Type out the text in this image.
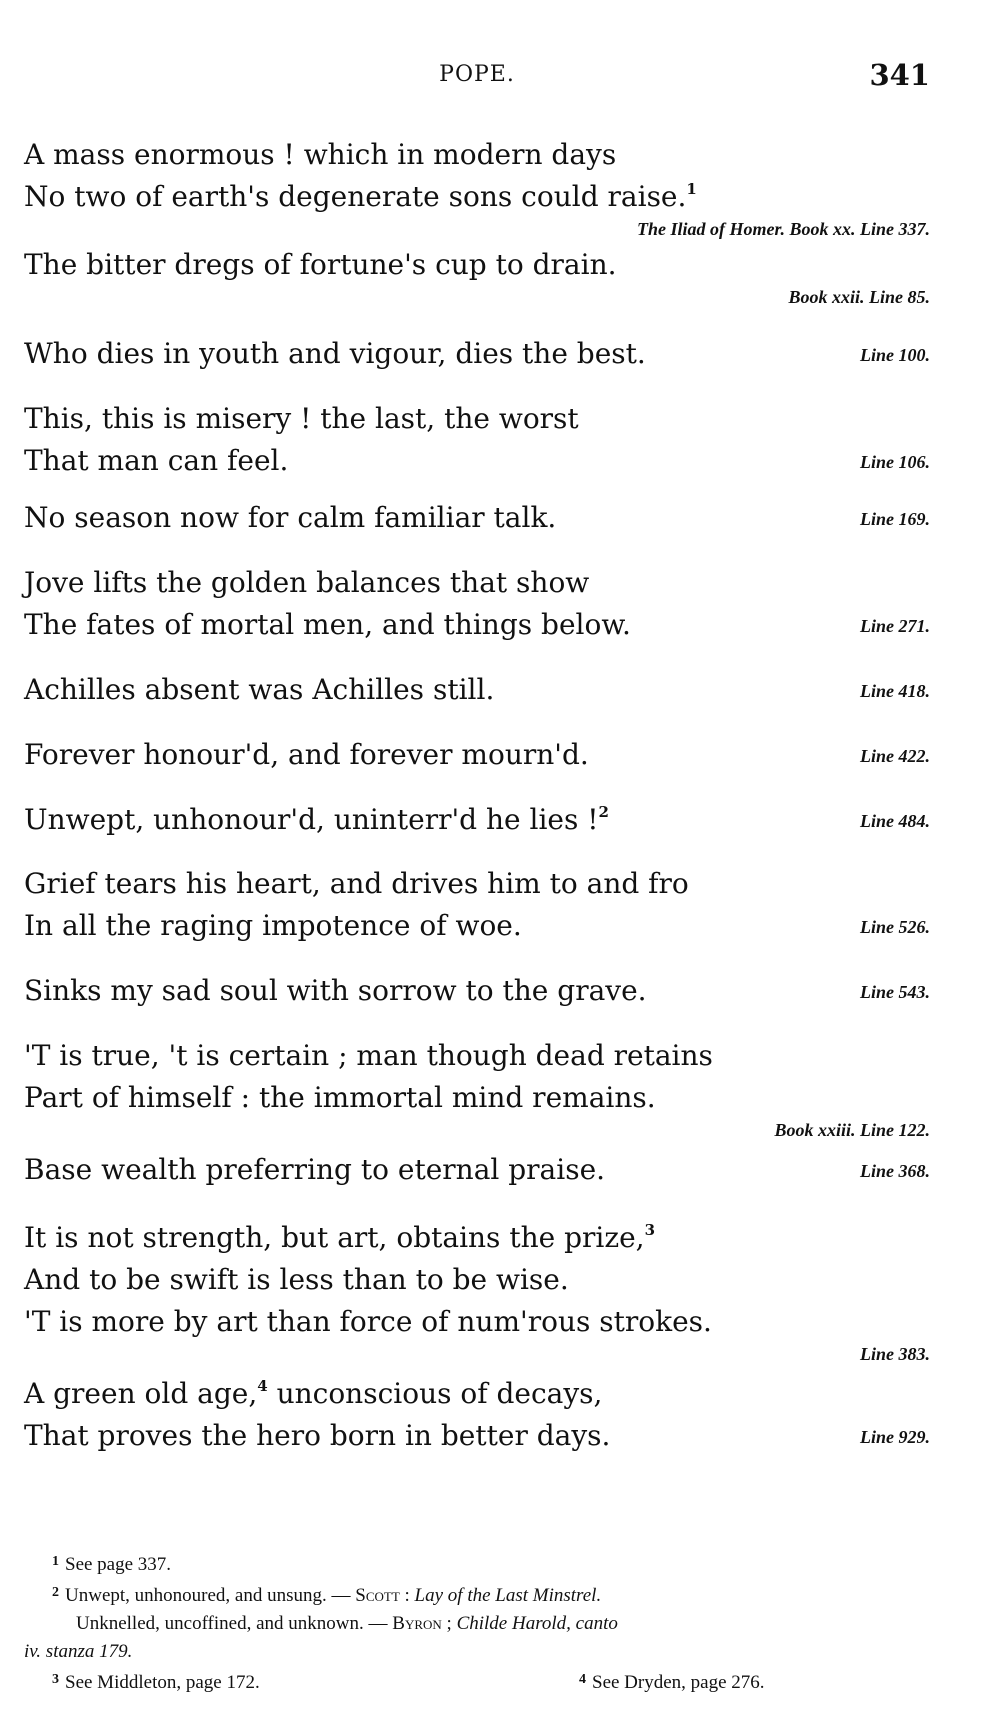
POPE.	341
A mass enormous ! which in modern days
No two of earth's degenerate sons could raise.$^1$
The Iliad of Homer. Book xx. Line 337.
The bitter dregs of fortune's cup to drain.
Book xxii. Line 85.
Who dies in youth and vigour, dies the best.	Line 100.
This, this is misery ! the last, the worst
That man can feel.	Line 106.
No season now for calm familiar talk.	Line 169.
Jove lifts the golden balances that show
The fates of mortal men, and things below.	Line 271.
Achilles absent was Achilles still.	Line 418.
Forever honour'd, and forever mourn'd.	Line 422.
Unwept, unhonour'd, uninterr'd he lies !$^2$	Line 484.
Grief tears his heart, and drives him to and fro
In all the raging impotence of woe.	Line 526.
Sinks my sad soul with sorrow to the grave.	Line 543.
'T is true, 't is certain ; man though dead retains
Part of himself : the immortal mind remains.
Book xxiii. Line 122.
Base wealth preferring to eternal praise.	Line 368.
It is not strength, but art, obtains the prize,$^3$
And to be swift is less than to be wise.
'T is more by art than force of num'rous strokes.
Line 383.
A green old age,$^4$ unconscious of decays,
That proves the hero born in better days.	Line 929.
$^1$ See page 337.
$^2$ Unwept, unhonoured, and unsung. — Scott : Lay of the Last Minstrel.
Unknelled, uncoffined, and unknown. — Byron ; Childe Harold, canto
iv. stanza 179.
$^3$ See Middleton, page 172.	$^4$ See Dryden, page 276.
